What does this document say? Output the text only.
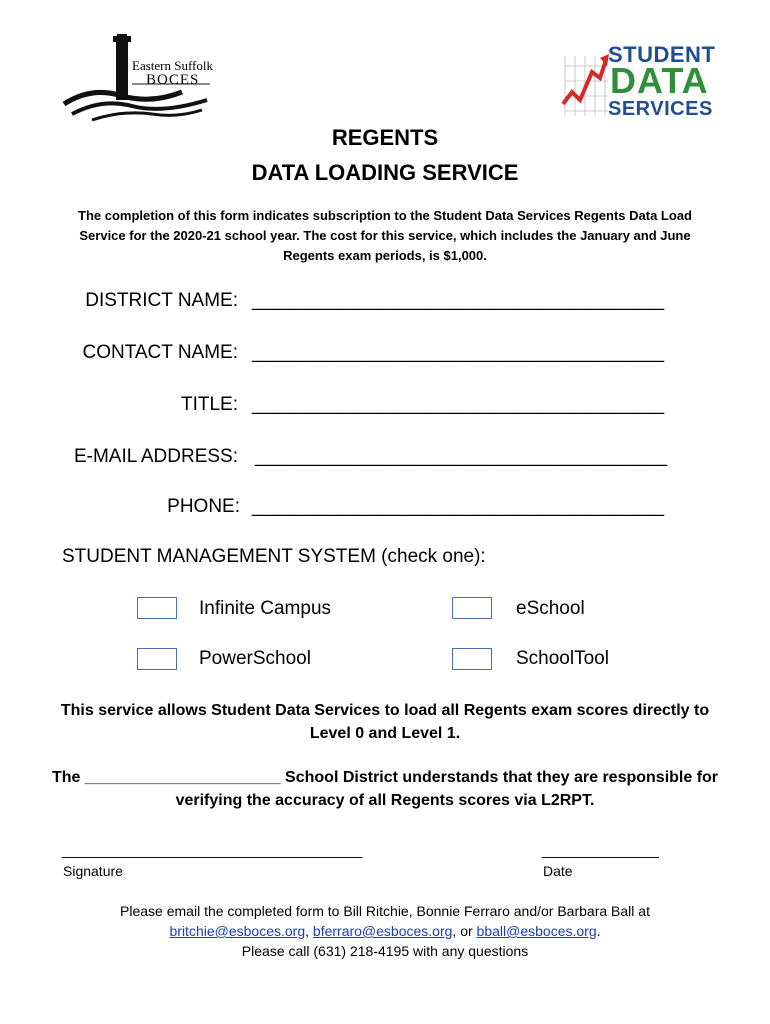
Eastern Suffolk
BOCES
STUDENT
DATA
SERVICES
REGENTS
DATA LOADING SERVICE
The completion of this form indicates subscription to the Student Data Services Regents Data Load Service for the 2020-21 school year. The cost for this service, which includes the January and June Regents exam periods, is $1,000.
DISTRICT NAME: _______________________________________
CONTACT NAME: _______________________________________
TITLE: _______________________________________
E-MAIL ADDRESS: _______________________________________
PHONE: _______________________________________
STUDENT MANAGEMENT SYSTEM (check one):
Infinite Campus	eSchool
PowerSchool	SchoolTool
This service allows Student Data Services to load all Regents exam scores directly to Level 0 and Level 1.
The ______________________ School District understands that they are responsible for verifying the accuracy of all Regents scores via L2RPT.
____________________________________
Signature
______________
Date
Please email the completed form to Bill Ritchie, Bonnie Ferraro and/or Barbara Ball at
britchie@esboces.org, bferraro@esboces.org, or bball@esboces.org.
Please call (631) 218-4195 with any questions
